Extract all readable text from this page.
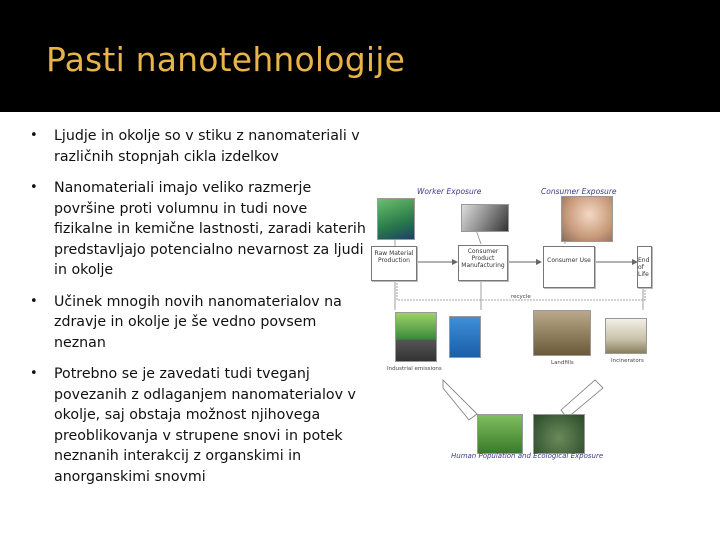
Pasti nanotehnologije
• Ljudje in okolje so v stiku z nanomateriali v različnih stopnjah cikla izdelkov
• Nanomateriali imajo veliko razmerje površine proti volumnu in tudi nove fizikalne in kemične lastnosti, zaradi katerih predstavljajo potencialno nevarnost za ljudi in okolje
• Učinek mnogih novih nanomaterialov na zdravje in okolje je še vedno povsem neznan
• Potrebno se je zavedati tudi tveganj povezanih z odlaganjem nanomaterialov v okolje, saj obstaja možnost njihovega preoblikovanja v strupene snovi in potek neznanih interakcij z organskimi in anorganskimi snovmi
Worker Exposure	Consumer Exposure
Raw Material Production
Consumer Product Manufacturing
Consumer Use	End of Life
recycle
Industrial emissions
Landfills	Incinerators
Human Population and Ecological Exposure
